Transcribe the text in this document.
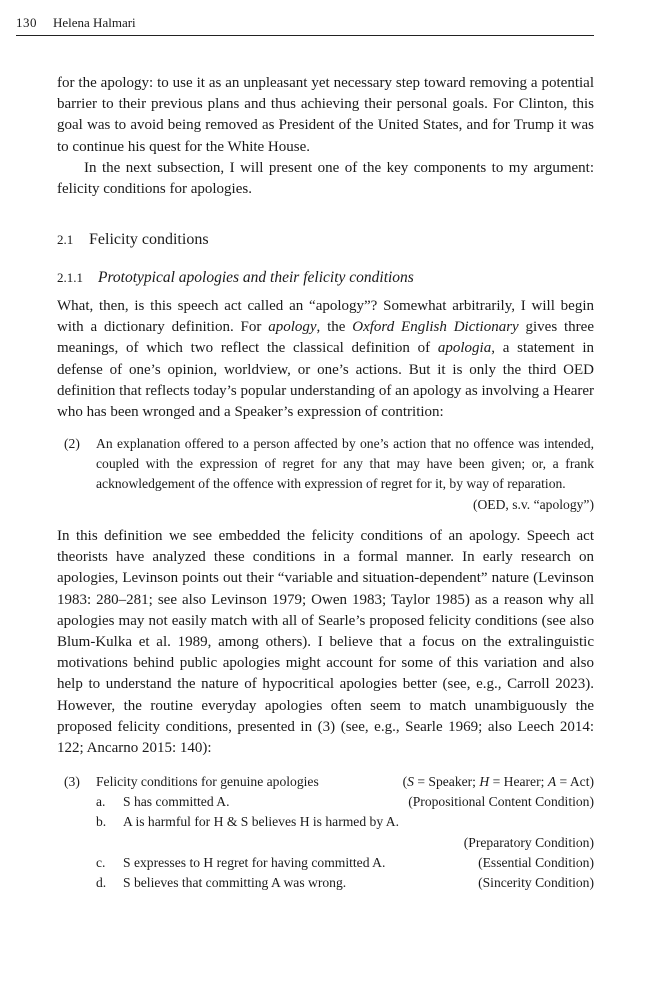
130 Helena Halmari

for the apology: to use it as an unpleasant yet necessary step toward removing a potential barrier to their previous plans and thus achieving their personal goals. For Clinton, this goal was to avoid being removed as President of the United States, and for Trump it was to continue his quest for the White House.

In the next subsection, I will present one of the key components to my argument: felicity conditions for apologies.

2.1 Felicity conditions
2.1.1 Prototypical apologies and their felicity conditions

What, then, is this speech act called an “apology”? Somewhat arbitrarily, I will begin with a dictionary definition. For apology, the Oxford English Dictionary gives three meanings, of which two reflect the classical definition of apologia, a statement in defense of one’s opinion, worldview, or one’s actions. But it is only the third OED definition that reflects today’s popular understanding of an apology as involving a Hearer who has been wronged and a Speaker’s expression of contrition:

(2) An explanation offered to a person affected by one’s action that no offence was intended, coupled with the expression of regret for any that may have been given; or, a frank acknowledgement of the offence with expression of regret for it, by way of reparation.
(OED, s.v. “apology”)

In this definition we see embedded the felicity conditions of an apology. Speech act theorists have analyzed these conditions in a formal manner. In early research on apologies, Levinson points out their “variable and situation-dependent” nature (Levinson 1983: 280–281; see also Levinson 1979; Owen 1983; Taylor 1985) as a reason why all apologies may not easily match with all of Searle’s proposed felicity conditions (see also Blum-Kulka et al. 1989, among others). I believe that a focus on the extralinguistic motivations behind public apologies might account for some of this variation and also help to understand the nature of hypocritical apologies better (see, e.g., Carroll 2023). However, the routine everyday apologies often seem to match unambiguously the proposed felicity conditions, presented in (3) (see, e.g., Searle 1969; also Leech 2014: 122; Ancarno 2015: 140):

(3) Felicity conditions for genuine apologies	(S = Speaker; H = Hearer; A = Act)
a. S has committed A.	(Propositional Content Condition)
b. A is harmful for H & S believes H is harmed by A.
(Preparatory Condition)
c. S expresses to H regret for having committed A.	(Essential Condition)
d. S believes that committing A was wrong.	(Sincerity Condition)
